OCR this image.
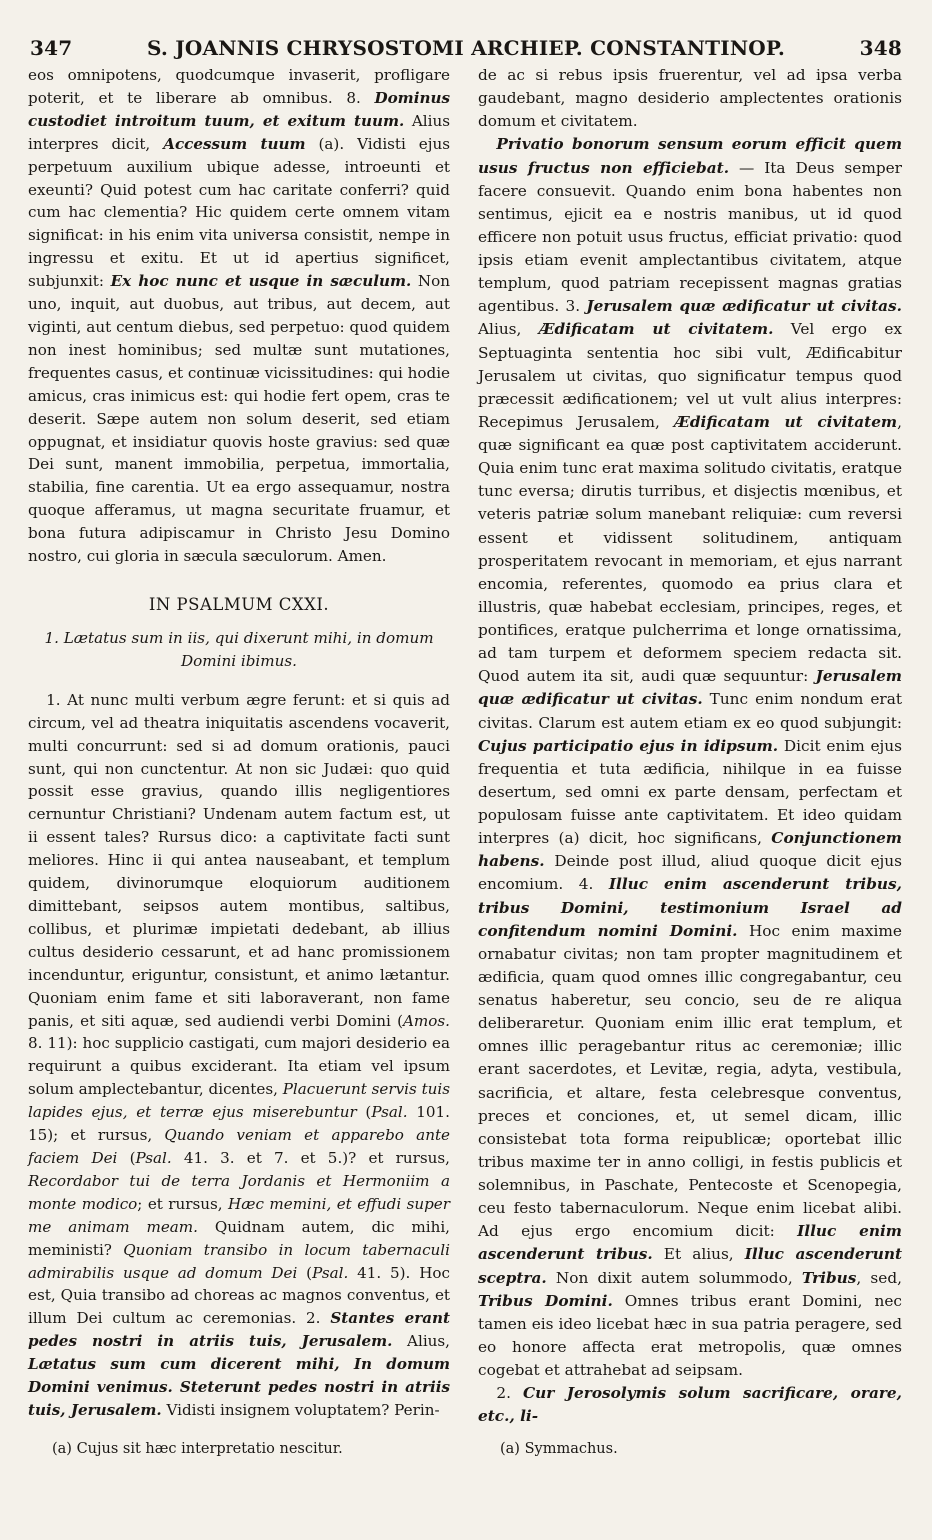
347	S. JOANNIS CHRYSOSTOMI ARCHIEP. CONSTANTINOP.	348

eos omnipotens, quodcumque invaserit, profligare poterit, et te liberare ab omnibus. 8. Dominus custodiet introitum tuum, et exitum tuum. Alius interpres dicit, Accessum tuum (a). Vidisti ejus perpetuum auxilium ubique adesse, introeunti et exeunti? Quid potest cum hac caritate conferri? quid cum hac clementia? Hic quidem certe omnem vitam significat: in his enim vita universa consistit, nempe in ingressu et exitu. Et ut id apertius significet, subjunxit: Ex hoc nunc et usque in sæculum. Non uno, inquit, aut duobus, aut tribus, aut decem, aut viginti, aut centum diebus, sed perpetuo: quod quidem non inest hominibus; sed multæ sunt mutationes, frequentes casus, et continuæ vicissitudines: qui hodie amicus, cras inimicus est: qui hodie fert opem, cras te deserit. Sæpe autem non solum deserit, sed etiam oppugnat, et insidiatur quovis hoste gravius: sed quæ Dei sunt, manent immobilia, perpetua, immortalia, stabilia, fine carentia. Ut ea ergo assequamur, nostra quoque afferamus, ut magna securitate fruamur, et bona futura adipiscamur in Christo Jesu Domino nostro, cui gloria in sæcula sæculorum. Amen.

IN PSALMUM CXXI.
1. Lætatus sum in iis, qui dixerunt mihi, in domum Domini ibimus.

1. At nunc multi verbum ægre ferunt: et si quis ad circum, vel ad theatra iniquitatis ascendens vocaverit, multi concurrunt: sed si ad domum orationis, pauci sunt, qui non cunctentur. At non sic Judæi: quo quid possit esse gravius, quando illis negligentiores cernuntur Christiani? Undenam autem factum est, ut ii essent tales? Rursus dico: a captivitate facti sunt meliores. Hinc ii qui antea nauseabant, et templum quidem, divinorumque eloquiorum auditionem dimittebant, seipsos autem montibus, saltibus, collibus, et plurimæ impietati dedebant, ab illius cultus desiderio cessarunt, et ad hanc promissionem incenduntur, eriguntur, consistunt, et animo lætantur. Quoniam enim fame et siti laboraverant, non fame panis, et siti aquæ, sed audiendi verbi Domini (Amos. 8. 11): hoc supplicio castigati, cum majori desiderio ea requirunt a quibus exciderant. Ita etiam vel ipsum solum amplectebantur, dicentes, Placuerunt servis tuis lapides ejus, et terræ ejus miserebuntur (Psal. 101. 15); et rursus, Quando veniam et apparebo ante faciem Dei (Psal. 41. 3. et 7. et 5.)? et rursus, Recordabor tui de terra Jordanis et Hermoniim a monte modico; et rursus, Hæc memini, et effudi super me animam meam. Quidnam autem, dic mihi, meministi? Quoniam transibo in locum tabernaculi admirabilis usque ad domum Dei (Psal. 41. 5). Hoc est, Quia transibo ad choreas ac magnos conventus, et illum Dei cultum ac ceremonias. 2. Stantes erant pedes nostri in atriis tuis, Jerusalem. Alius, Lætatus sum cum dicerent mihi, In domum Domini venimus. Steterunt pedes nostri in atriis tuis, Jerusalem. Vidisti insignem voluptatem? Perin-

de ac si rebus ipsis fruerentur, vel ad ipsa verba gaudebant, magno desiderio amplectentes orationis domum et civitatem.

Privatio bonorum sensum eorum efficit quem usus fructus non efficiebat. — Ita Deus semper facere consuevit. Quando enim bona habentes non sentimus, ejicit ea e nostris manibus, ut id quod efficere non potuit usus fructus, efficiat privatio: quod ipsis etiam evenit amplectantibus civitatem, atque templum, quod patriam recepissent magnas gratias agentibus. 3. Jerusalem quæ ædificatur ut civitas. Alius, Ædificatam ut civitatem. Vel ergo ex Septuaginta sententia hoc sibi vult, Ædificabitur Jerusalem ut civitas, quo significatur tempus quod præcessit ædificationem; vel ut vult alius interpres: Recepimus Jerusalem, Ædificatam ut civitatem, quæ significant ea quæ post captivitatem acciderunt. Quia enim tunc erat maxima solitudo civitatis, eratque tunc eversa; dirutis turribus, et disjectis mœnibus, et veteris patriæ solum manebant reliquiæ: cum reversi essent et vidissent solitudinem, antiquam prosperitatem revocant in memoriam, et ejus narrant encomia, referentes, quomodo ea prius clara et illustris, quæ habebat ecclesiam, principes, reges, et pontifices, eratque pulcherrima et longe ornatissima, ad tam turpem et deformem speciem redacta sit. Quod autem ita sit, audi quæ sequuntur: Jerusalem quæ ædificatur ut civitas. Tunc enim nondum erat civitas. Clarum est autem etiam ex eo quod subjungit: Cujus participatio ejus in idipsum. Dicit enim ejus frequentia et tuta ædificia, nihilque in ea fuisse desertum, sed omni ex parte densam, perfectam et populosam fuisse ante captivitatem. Et ideo quidam interpres (a) dicit, hoc significans, Conjunctionem habens. Deinde post illud, aliud quoque dicit ejus encomium. 4. Illuc enim ascenderunt tribus, tribus Domini, testimonium Israel ad confitendum nomini Domini. Hoc enim maxime ornabatur civitas; non tam propter magnitudinem et ædificia, quam quod omnes illic congregabantur, ceu senatus haberetur, seu concio, seu de re aliqua deliberaretur. Quoniam enim illic erat templum, et omnes illic peragebantur ritus ac ceremoniæ; illic erant sacerdotes, et Levitæ, regia, adyta, vestibula, sacrificia, et altare, festa celebresque conventus, preces et conciones, et, ut semel dicam, illic consistebat tota forma reipublicæ; oportebat illic tribus maxime ter in anno colligi, in festis publicis et solemnibus, in Paschate, Pentecoste et Scenopegia, ceu festo tabernaculorum. Neque enim licebat alibi. Ad ejus ergo encomium dicit: Illuc enim ascenderunt tribus. Et alius, Illuc ascenderunt sceptra. Non dixit autem solummodo, Tribus, sed, Tribus Domini. Omnes tribus erant Domini, nec tamen eis ideo licebat hæc in sua patria peragere, sed eo honore affecta erat metropolis, quæ omnes cogebat et attrahebat ad seipsam.

2. Cur Jerosolymis solum sacrificare, orare, etc., li-

(a) Cujus sit hæc interpretatio nescitur.	(a) Symmachus.
